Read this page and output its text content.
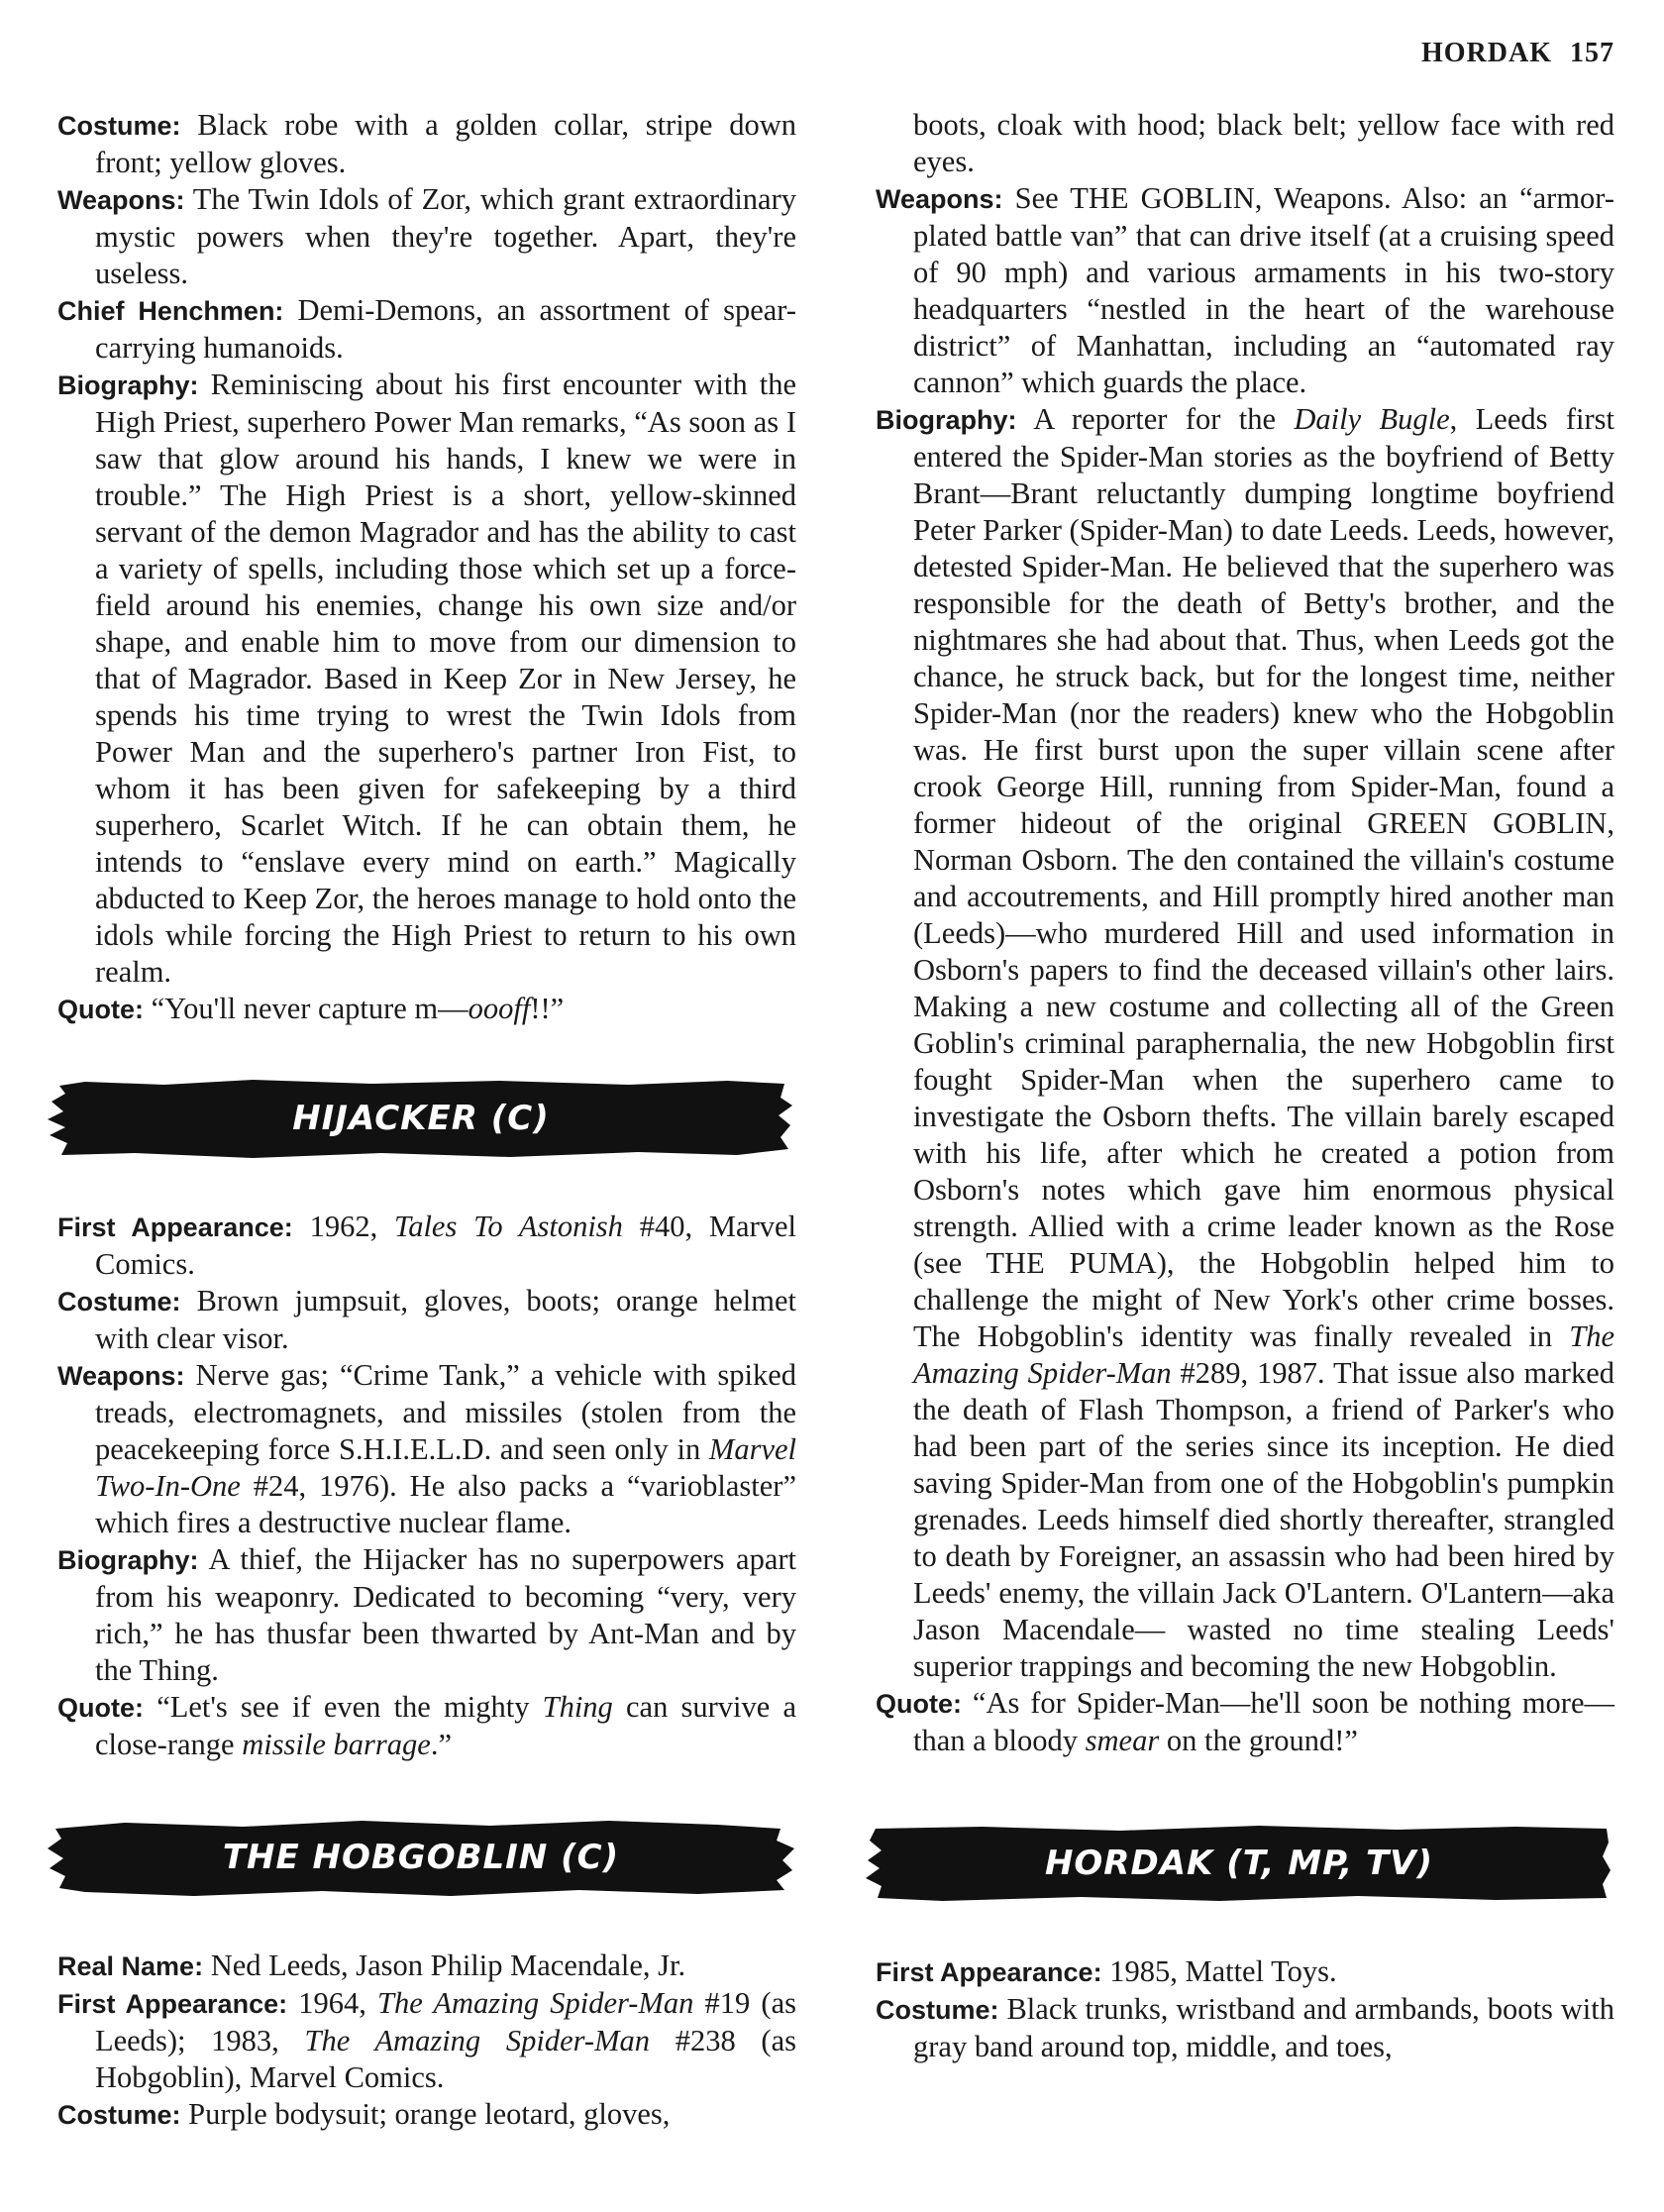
HORDAK 157

Costume: Black robe with a golden collar, stripe down front; yellow gloves.

Weapons: The Twin Idols of Zor, which grant extraordinary mystic powers when they're together. Apart, they're useless.

Chief Henchmen: Demi-Demons, an assortment of spear-carrying humanoids.

Biography: Reminiscing about his first encounter with the High Priest, superhero Power Man remarks, “As soon as I saw that glow around his hands, I knew we were in trouble.” The High Priest is a short, yellow-skinned servant of the demon Magrador and has the ability to cast a variety of spells, including those which set up a force-field around his enemies, change his own size and/or shape, and enable him to move from our dimension to that of Magrador. Based in Keep Zor in New Jersey, he spends his time trying to wrest the Twin Idols from Power Man and the superhero's partner Iron Fist, to whom it has been given for safekeeping by a third superhero, Scarlet Witch. If he can obtain them, he intends to “enslave every mind on earth.” Magically abducted to Keep Zor, the heroes manage to hold onto the idols while forcing the High Priest to return to his own realm.

Quote: “You'll never capture m—oooff!!”

HIJACKER (C)

First Appearance: 1962, Tales To Astonish #40, Marvel Comics.

Costume: Brown jumpsuit, gloves, boots; orange helmet with clear visor.

Weapons: Nerve gas; “Crime Tank,” a vehicle with spiked treads, electromagnets, and missiles (stolen from the peacekeeping force S.H.I.E.L.D. and seen only in Marvel Two-In-One #24, 1976). He also packs a “varioblaster” which fires a destructive nuclear flame.

Biography: A thief, the Hijacker has no superpowers apart from his weaponry. Dedicated to becoming “very, very rich,” he has thusfar been thwarted by Ant-Man and by the Thing.

Quote: “Let's see if even the mighty Thing can survive a close-range missile barrage.”

THE HOBGOBLIN (C)

Real Name: Ned Leeds, Jason Philip Macendale, Jr.

First Appearance: 1964, The Amazing Spider-Man #19 (as Leeds); 1983, The Amazing Spider-Man #238 (as Hobgoblin), Marvel Comics.

Costume: Purple bodysuit; orange leotard, gloves,

boots, cloak with hood; black belt; yellow face with red eyes.

Weapons: See THE GOBLIN, Weapons. Also: an “armor-plated battle van” that can drive itself (at a cruising speed of 90 mph) and various armaments in his two-story headquarters “nestled in the heart of the warehouse district” of Manhattan, including an “automated ray cannon” which guards the place.

Biography: A reporter for the Daily Bugle, Leeds first entered the Spider-Man stories as the boyfriend of Betty Brant—Brant reluctantly dumping longtime boyfriend Peter Parker (Spider-Man) to date Leeds. Leeds, however, detested Spider-Man. He believed that the superhero was responsible for the death of Betty's brother, and the nightmares she had about that. Thus, when Leeds got the chance, he struck back, but for the longest time, neither Spider-Man (nor the readers) knew who the Hobgoblin was. He first burst upon the super villain scene after crook George Hill, running from Spider-Man, found a former hideout of the original GREEN GOBLIN, Norman Osborn. The den contained the villain's costume and accoutrements, and Hill promptly hired another man (Leeds)—who murdered Hill and used information in Osborn's papers to find the deceased villain's other lairs. Making a new costume and collecting all of the Green Goblin's criminal paraphernalia, the new Hobgoblin first fought Spider-Man when the superhero came to investigate the Osborn thefts. The villain barely escaped with his life, after which he created a potion from Osborn's notes which gave him enormous physical strength. Allied with a crime leader known as the Rose (see THE PUMA), the Hobgoblin helped him to challenge the might of New York's other crime bosses. The Hobgoblin's identity was finally revealed in The Amazing Spider-Man #289, 1987. That issue also marked the death of Flash Thompson, a friend of Parker's who had been part of the series since its inception. He died saving Spider-Man from one of the Hobgoblin's pumpkin grenades. Leeds himself died shortly thereafter, strangled to death by Foreigner, an assassin who had been hired by Leeds' enemy, the villain Jack O'Lantern. O'Lantern—aka Jason Macendale— wasted no time stealing Leeds' superior trappings and becoming the new Hobgoblin.

Quote: “As for Spider-Man—he'll soon be nothing more—than a bloody smear on the ground!”

HORDAK (T, MP, TV)

First Appearance: 1985, Mattel Toys.

Costume: Black trunks, wristband and armbands, boots with gray band around top, middle, and toes,
